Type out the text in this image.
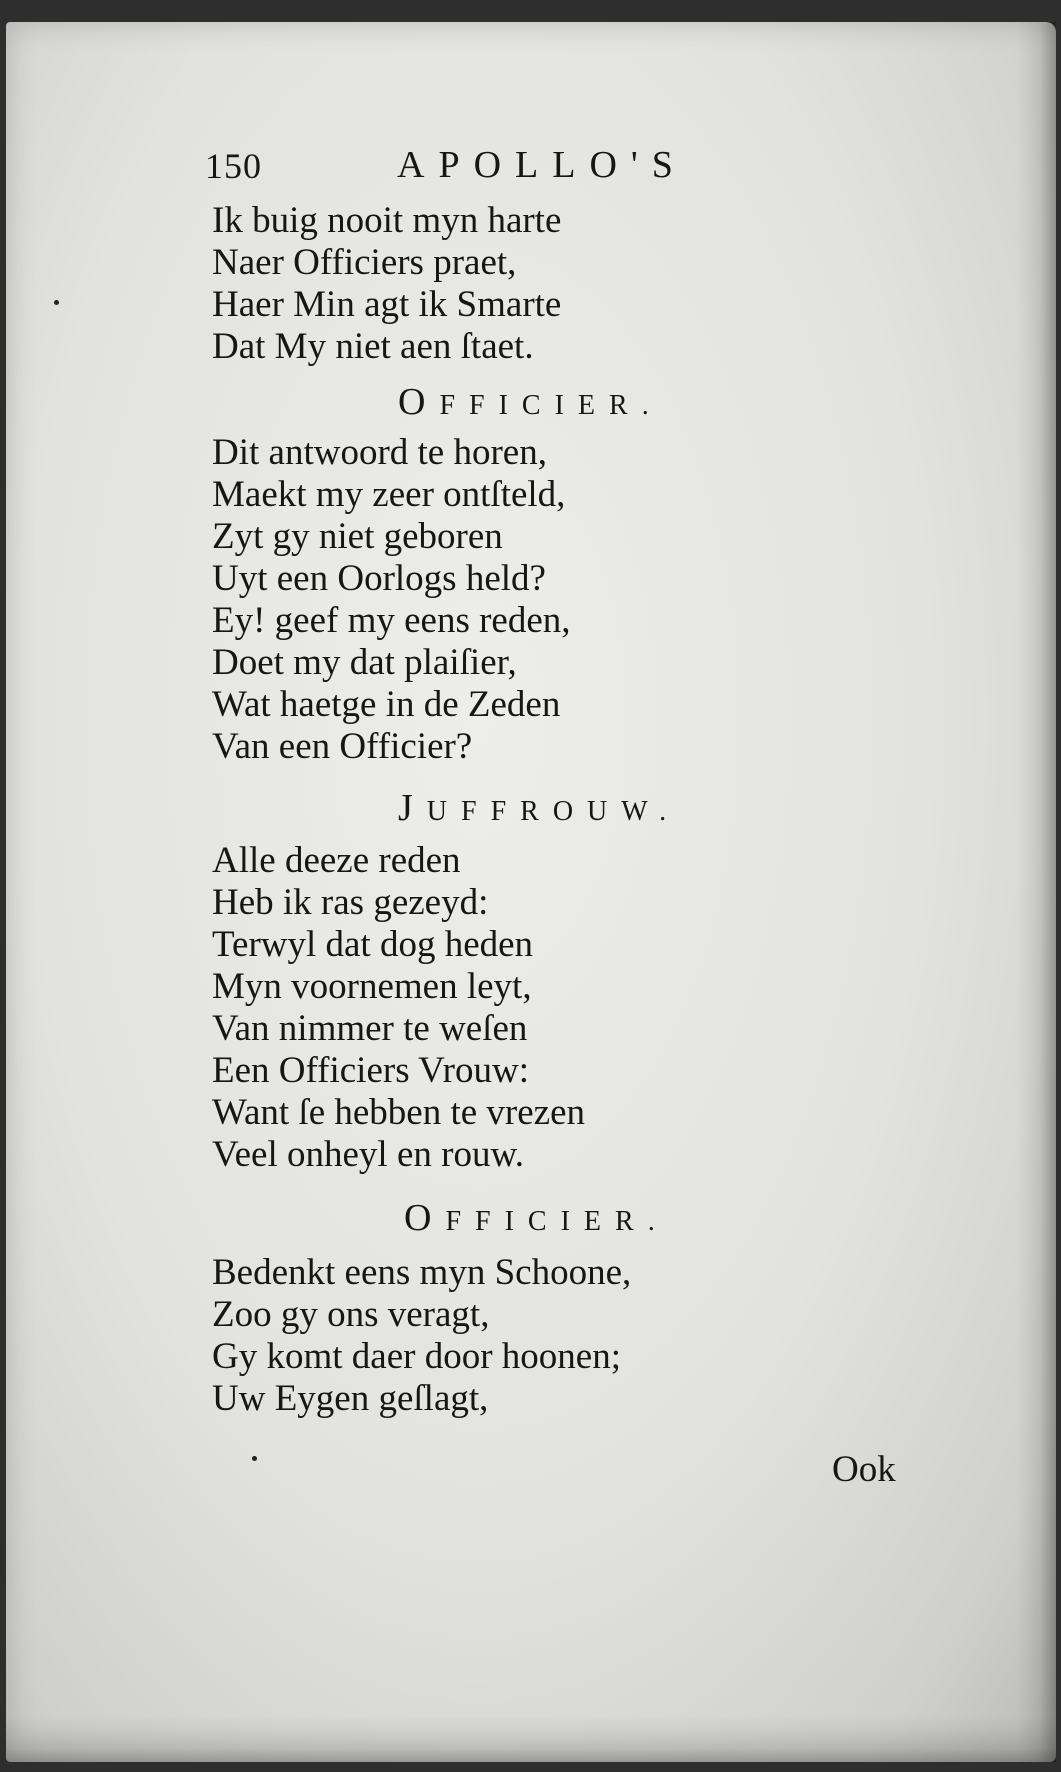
150	APOLLO'S
Ik buig nooit myn harte
Naer Officiers praet,
Haer Min agt ik Smarte
Dat My niet aen ſtaet.
OFFICIER.
Dit antwoord te horen,
Maekt my zeer ontſteld,
Zyt gy niet geboren
Uyt een Oorlogs held?
Ey! geef my eens reden,
Doet my dat plaiſier,
Wat haetge in de Zeden
Van een Officier?
JUFFROUW.
Alle deeze reden
Heb ik ras gezeyd:
Terwyl dat dog heden
Myn voornemen leyt,
Van nimmer te weſen
Een Officiers Vrouw:
Want ſe hebben te vrezen
Veel onheyl en rouw.
OFFICIER.
Bedenkt eens myn Schoone,
Zoo gy ons veragt,
Gy komt daer door hoonen;
Uw Eygen geſlagt,
Ook
